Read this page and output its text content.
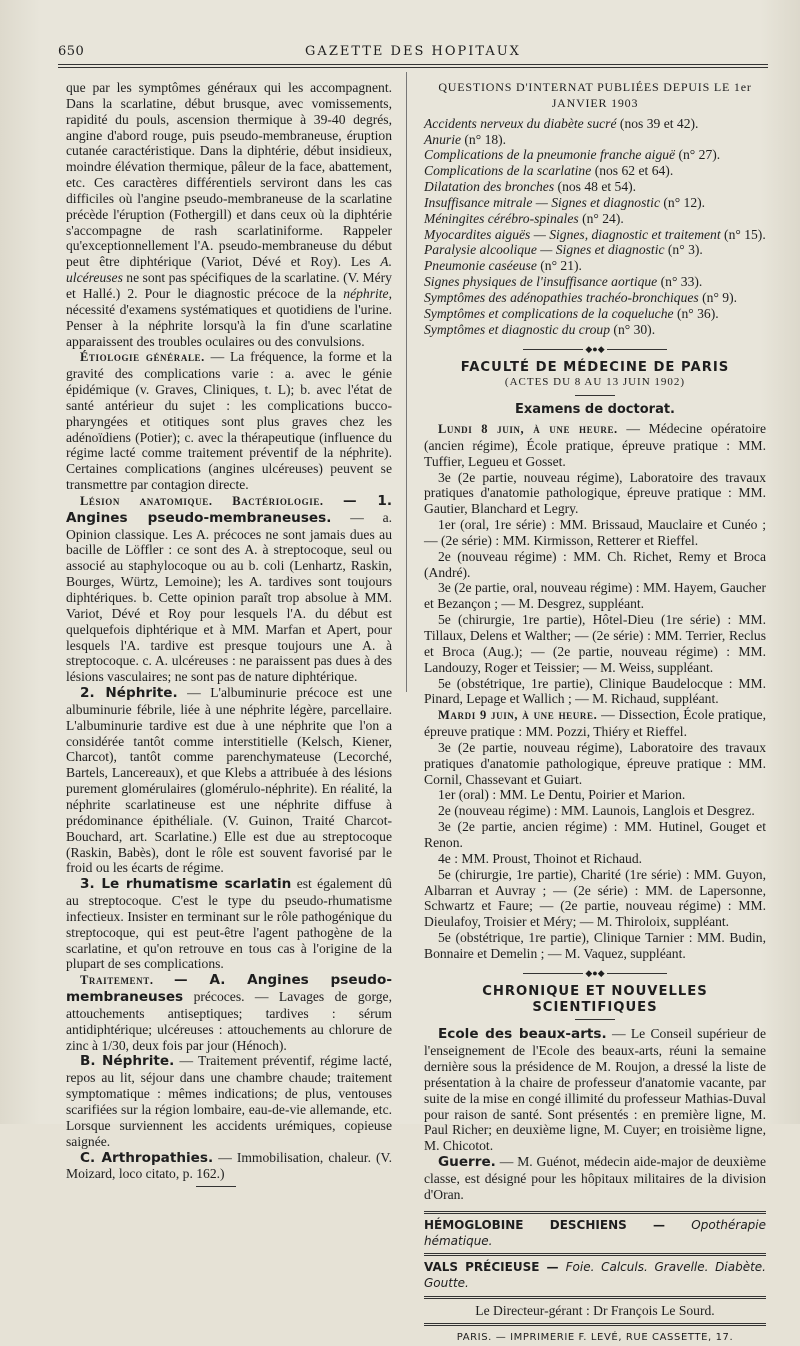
650	GAZETTE DES HOPITAUX

que par les symptômes généraux qui les accompagnent. Dans la scarlatine, début brusque, avec vomissements, rapidité du pouls, ascension thermique à 39-40 degrés, angine d'abord rouge, puis pseudo-membraneuse, éruption cutanée caractéristique. Dans la diphtérie, début insidieux, moindre élévation thermique, pâleur de la face, abattement, etc. Ces caractères différentiels serviront dans les cas difficiles où l'angine pseudo-membraneuse de la scarlatine précède l'éruption (Fothergill) et dans ceux où la diphtérie s'accompagne de rash scarlatiniforme. Rappeler qu'exceptionnellement l'A. pseudo-membraneuse du début peut être diphtérique (Variot, Dévé et Roy). Les A. ulcéreuses ne sont pas spécifiques de la scarlatine. (V. Méry et Hallé.) 2. Pour le diagnostic précoce de la néphrite, nécessité d'examens systématiques et quotidiens de l'urine. Penser à la néphrite lorsqu'à la fin d'une scarlatine apparaissent des troubles oculaires ou des convulsions.

Étiologie générale. — La fréquence, la forme et la gravité des complications varie : a. avec le génie épidémique (v. Graves, Cliniques, t. L); b. avec l'état de santé antérieur du sujet : les complications bucco-pharyngées et otitiques sont plus graves chez les adénoïdiens (Potier); c. avec la thérapeutique (influence du régime lacté comme traitement préventif de la néphrite). Certaines complications (angines ulcéreuses) peuvent se transmettre par contagion directe.

Lésion anatomique. Bactériologie. — 1. Angines pseudo-membraneuses. — a. Opinion classique. Les A. précoces ne sont jamais dues au bacille de Löffler : ce sont des A. à streptocoque, seul ou associé au staphylocoque ou au b. coli (Lenhartz, Raskin, Bourges, Würtz, Lemoine); les A. tardives sont toujours diphtériques. b. Cette opinion paraît trop absolue à MM. Variot, Dévé et Roy pour lesquels l'A. du début est quelquefois diphtérique et à MM. Marfan et Apert, pour lesquels l'A. tardive est presque toujours une A. à streptocoque. c. A. ulcéreuses : ne paraissent pas dues à des lésions vasculaires; ne sont pas de nature diphtérique.

2. Néphrite. — L'albuminurie précoce est une albuminurie fébrile, liée à une néphrite légère, parcellaire. L'albuminurie tardive est due à une néphrite que l'on a considérée tantôt comme interstitielle (Kelsch, Kiener, Charcot), tantôt comme parenchymateuse (Lecorché, Bartels, Lancereaux), et que Klebs a attribuée à des lésions purement glomérulaires (glomérulo-néphrite). En réalité, la néphrite scarlatineuse est une néphrite diffuse à prédominance épithéliale. (V. Guinon, Traité Charcot-Bouchard, art. Scarlatine.) Elle est due au streptocoque (Raskin, Babès), dont le rôle est souvent favorisé par le froid ou les écarts de régime.

3. Le rhumatisme scarlatin est également dû au streptocoque. C'est le type du pseudo-rhumatisme infectieux. Insister en terminant sur le rôle pathogénique du streptocoque, qui est peut-être l'agent pathogène de la scarlatine, et qu'on retrouve en tous cas à l'origine de la plupart de ses complications.

Traitement. — A. Angines pseudo-membraneuses précoces. — Lavages de gorge, attouchements antiseptiques; tardives : sérum antidiphtérique; ulcéreuses : attouchements au chlorure de zinc à 1/30, deux fois par jour (Hénoch).

B. Néphrite. — Traitement préventif, régime lacté, repos au lit, séjour dans une chambre chaude; traitement symptomatique : mêmes indications; de plus, ventouses scarifiées sur la région lombaire, eau-de-vie allemande, etc. Lorsque surviennent les accidents urémiques, copieuse saignée.

C. Arthropathies. — Immobilisation, chaleur. (V. Moizard, loco citato, p. 162.)

QUESTIONS D'INTERNAT PUBLIÉES DEPUIS LE 1er JANVIER 1903

Accidents nerveux du diabète sucré (nos 39 et 42).

Anurie (n° 18).

Complications de la pneumonie franche aiguë (n° 27).

Complications de la scarlatine (nos 62 et 64).

Dilatation des bronches (nos 48 et 54).

Insuffisance mitrale — Signes et diagnostic (n° 12).

Méningites cérébro-spinales (n° 24).

Myocardites aiguës — Signes, diagnostic et traitement (n° 15).

Paralysie alcoolique — Signes et diagnostic (n° 3).

Pneumonie caséeuse (n° 21).

Signes physiques de l'insuffisance aortique (n° 33).

Symptômes des adénopathies trachéo-bronchiques (n° 9).

Symptômes et complications de la coqueluche (n° 36).

Symptômes et diagnostic du croup (n° 30).

◆●◆

FACULTÉ DE MÉDECINE DE PARIS

(ACTES DU 8 AU 13 JUIN 1902)

Examens de doctorat.

Lundi 8 juin, à une heure. — Médecine opératoire (ancien régime), École pratique, épreuve pratique : MM. Tuffier, Legueu et Gosset.

3e (2e partie, nouveau régime), Laboratoire des travaux pratiques d'anatomie pathologique, épreuve pratique : MM. Gautier, Blanchard et Legry.

1er (oral, 1re série) : MM. Brissaud, Mauclaire et Cunéo ; — (2e série) : MM. Kirmisson, Retterer et Rieffel.

2e (nouveau régime) : MM. Ch. Richet, Remy et Broca (André).

3e (2e partie, oral, nouveau régime) : MM. Hayem, Gaucher et Bezançon ; — M. Desgrez, suppléant.

5e (chirurgie, 1re partie), Hôtel-Dieu (1re série) : MM. Tillaux, Delens et Walther; — (2e série) : MM. Terrier, Reclus et Broca (Aug.); — (2e partie, nouveau régime) : MM. Landouzy, Roger et Teissier; — M. Weiss, suppléant.

5e (obstétrique, 1re partie), Clinique Baudelocque : MM. Pinard, Lepage et Wallich ; — M. Richaud, suppléant.

Mardi 9 juin, à une heure. — Dissection, École pratique, épreuve pratique : MM. Pozzi, Thiéry et Rieffel.

3e (2e partie, nouveau régime), Laboratoire des travaux pratiques d'anatomie pathologique, épreuve pratique : MM. Cornil, Chassevant et Guiart.

1er (oral) : MM. Le Dentu, Poirier et Marion.

2e (nouveau régime) : MM. Launois, Langlois et Desgrez.

3e (2e partie, ancien régime) : MM. Hutinel, Gouget et Renon.

4e : MM. Proust, Thoinot et Richaud.

5e (chirurgie, 1re partie), Charité (1re série) : MM. Guyon, Albarran et Auvray ; — (2e série) : MM. de Lapersonne, Schwartz et Faure; — (2e partie, nouveau régime) : MM. Dieulafoy, Troisier et Méry; — M. Thiroloix, suppléant.

5e (obstétrique, 1re partie), Clinique Tarnier : MM. Budin, Bonnaire et Demelin ; — M. Vaquez, suppléant.

◆●◆

CHRONIQUE ET NOUVELLES SCIENTIFIQUES

Ecole des beaux-arts. — Le Conseil supérieur de l'enseignement de l'Ecole des beaux-arts, réuni la semaine dernière sous la présidence de M. Roujon, a dressé la liste de présentation à la chaire de professeur d'anatomie vacante, par suite de la mise en congé illimité du professeur Mathias-Duval pour raison de santé. Sont présentés : en première ligne, M. Paul Richer; en deuxième ligne, M. Cuyer; en troisième ligne, M. Chicotot.

Guerre. — M. Guénot, médecin aide-major de deuxième classe, est désigné pour les hôpitaux militaires de la division d'Oran.

HÉMOGLOBINE DESCHIENS — Opothérapie hématique.

VALS PRÉCIEUSE — Foie. Calculs. Gravelle. Diabète. Goutte.

Le Directeur-gérant : Dr François Le Sourd.

PARIS. — IMPRIMERIE F. LEVÉ, RUE CASSETTE, 17.
